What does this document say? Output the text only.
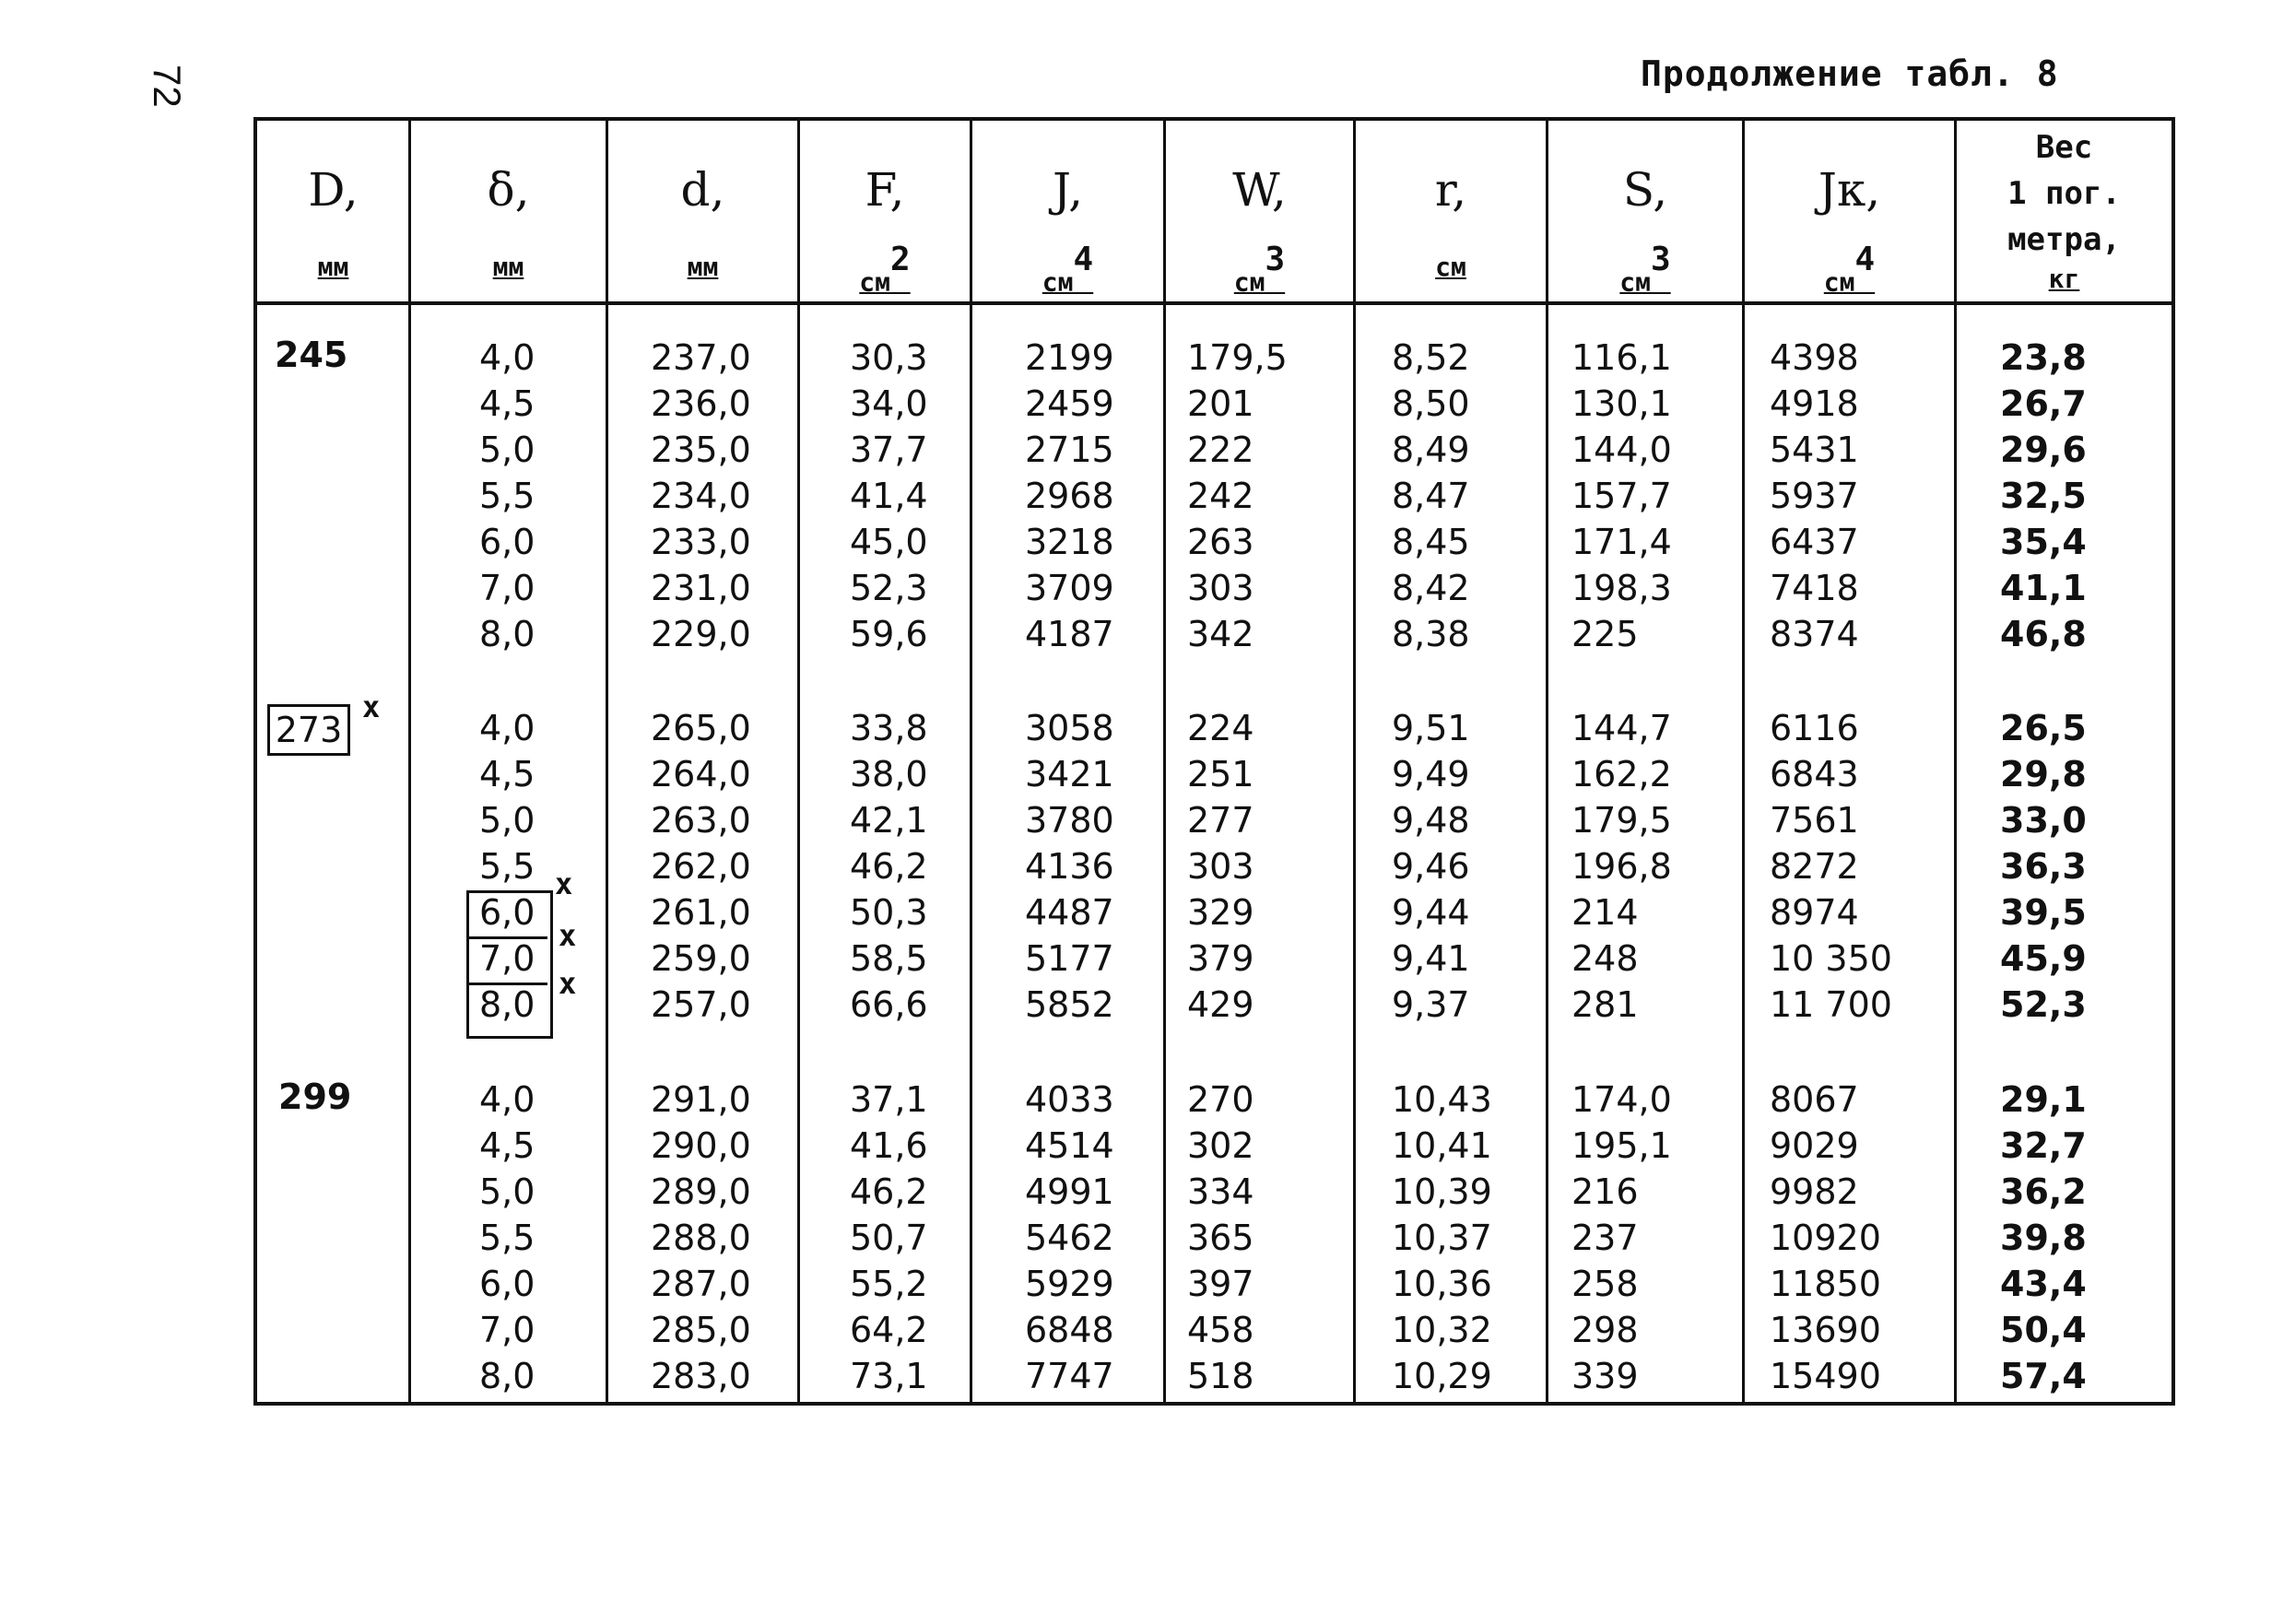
72	Продолжение табл. 8
D,
мм
δ,
мм
d,
мм
F,
$см^2$
J,
$см^4$
W,
$см^3$
r,
см
S,
$см^3$
Jк,
$см^4$
Вес
1 пог.
метра,
кг
245
273
x
299
x
x
x
4,0
4,5
5,0
5,5
6,0
7,0
8,0
237,0
236,0
235,0
234,0
233,0
231,0
229,0
30,3
34,0
37,7
41,4
45,0
52,3
59,6
2199
2459
2715
2968
3218
3709
4187
179,5
201
222
242
263
303
342
8,52
8,50
8,49
8,47
8,45
8,42
8,38
116,1
130,1
144,0
157,7
171,4
198,3
225
4398
4918
5431
5937
6437
7418
8374
23,8
26,7
29,6
32,5
35,4
41,1
46,8
4,0
4,5
5,0
5,5
6,0
7,0
8,0
265,0
264,0
263,0
262,0
261,0
259,0
257,0
33,8
38,0
42,1
46,2
50,3
58,5
66,6
3058
3421
3780
4136
4487
5177
5852
224
251
277
303
329
379
429
9,51
9,49
9,48
9,46
9,44
9,41
9,37
144,7
162,2
179,5
196,8
214
248
281
6116
6843
7561
8272
8974
10 350
11 700
26,5
29,8
33,0
36,3
39,5
45,9
52,3
4,0
4,5
5,0
5,5
6,0
7,0
8,0
291,0
290,0
289,0
288,0
287,0
285,0
283,0
37,1
41,6
46,2
50,7
55,2
64,2
73,1
4033
4514
4991
5462
5929
6848
7747
270
302
334
365
397
458
518
10,43
10,41
10,39
10,37
10,36
10,32
10,29
174,0
195,1
216
237
258
298
339
8067
9029
9982
10920
11850
13690
15490
29,1
32,7
36,2
39,8
43,4
50,4
57,4
